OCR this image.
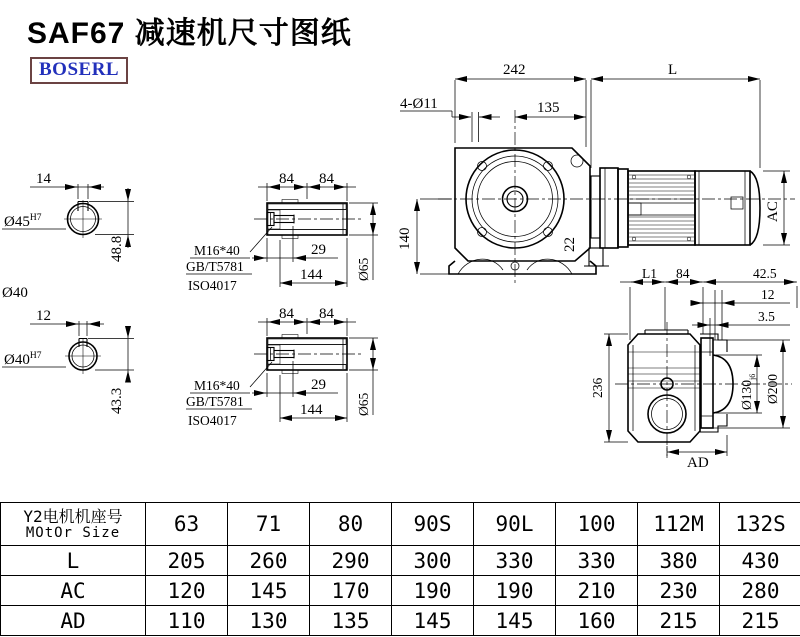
SAF67 减速机尺寸图纸
BOSERL
14
$Ø45^{H7}$
48.8
Ø40
12
$Ø40^{H7}$
43.3
84 84
29
144 Ø65
M16*40
GB/T5781
ISO4017
84 84
29
144 Ø65
M16*40
GB/T5781
ISO4017
22
242	L
4-Ø11	135
140
AC
$Ø130_{j6}$ Ø200
236
AD
L1 84	42.5
12
3.5
Y2电机机座号
MOtOr Size	63	71	80	90S	90L	100	112M	132S
L	205	260	290	300	330	330	380	430
AC	120	145	170	190	190	210	230	280
AD	110	130	135	145	145	160	215	215
